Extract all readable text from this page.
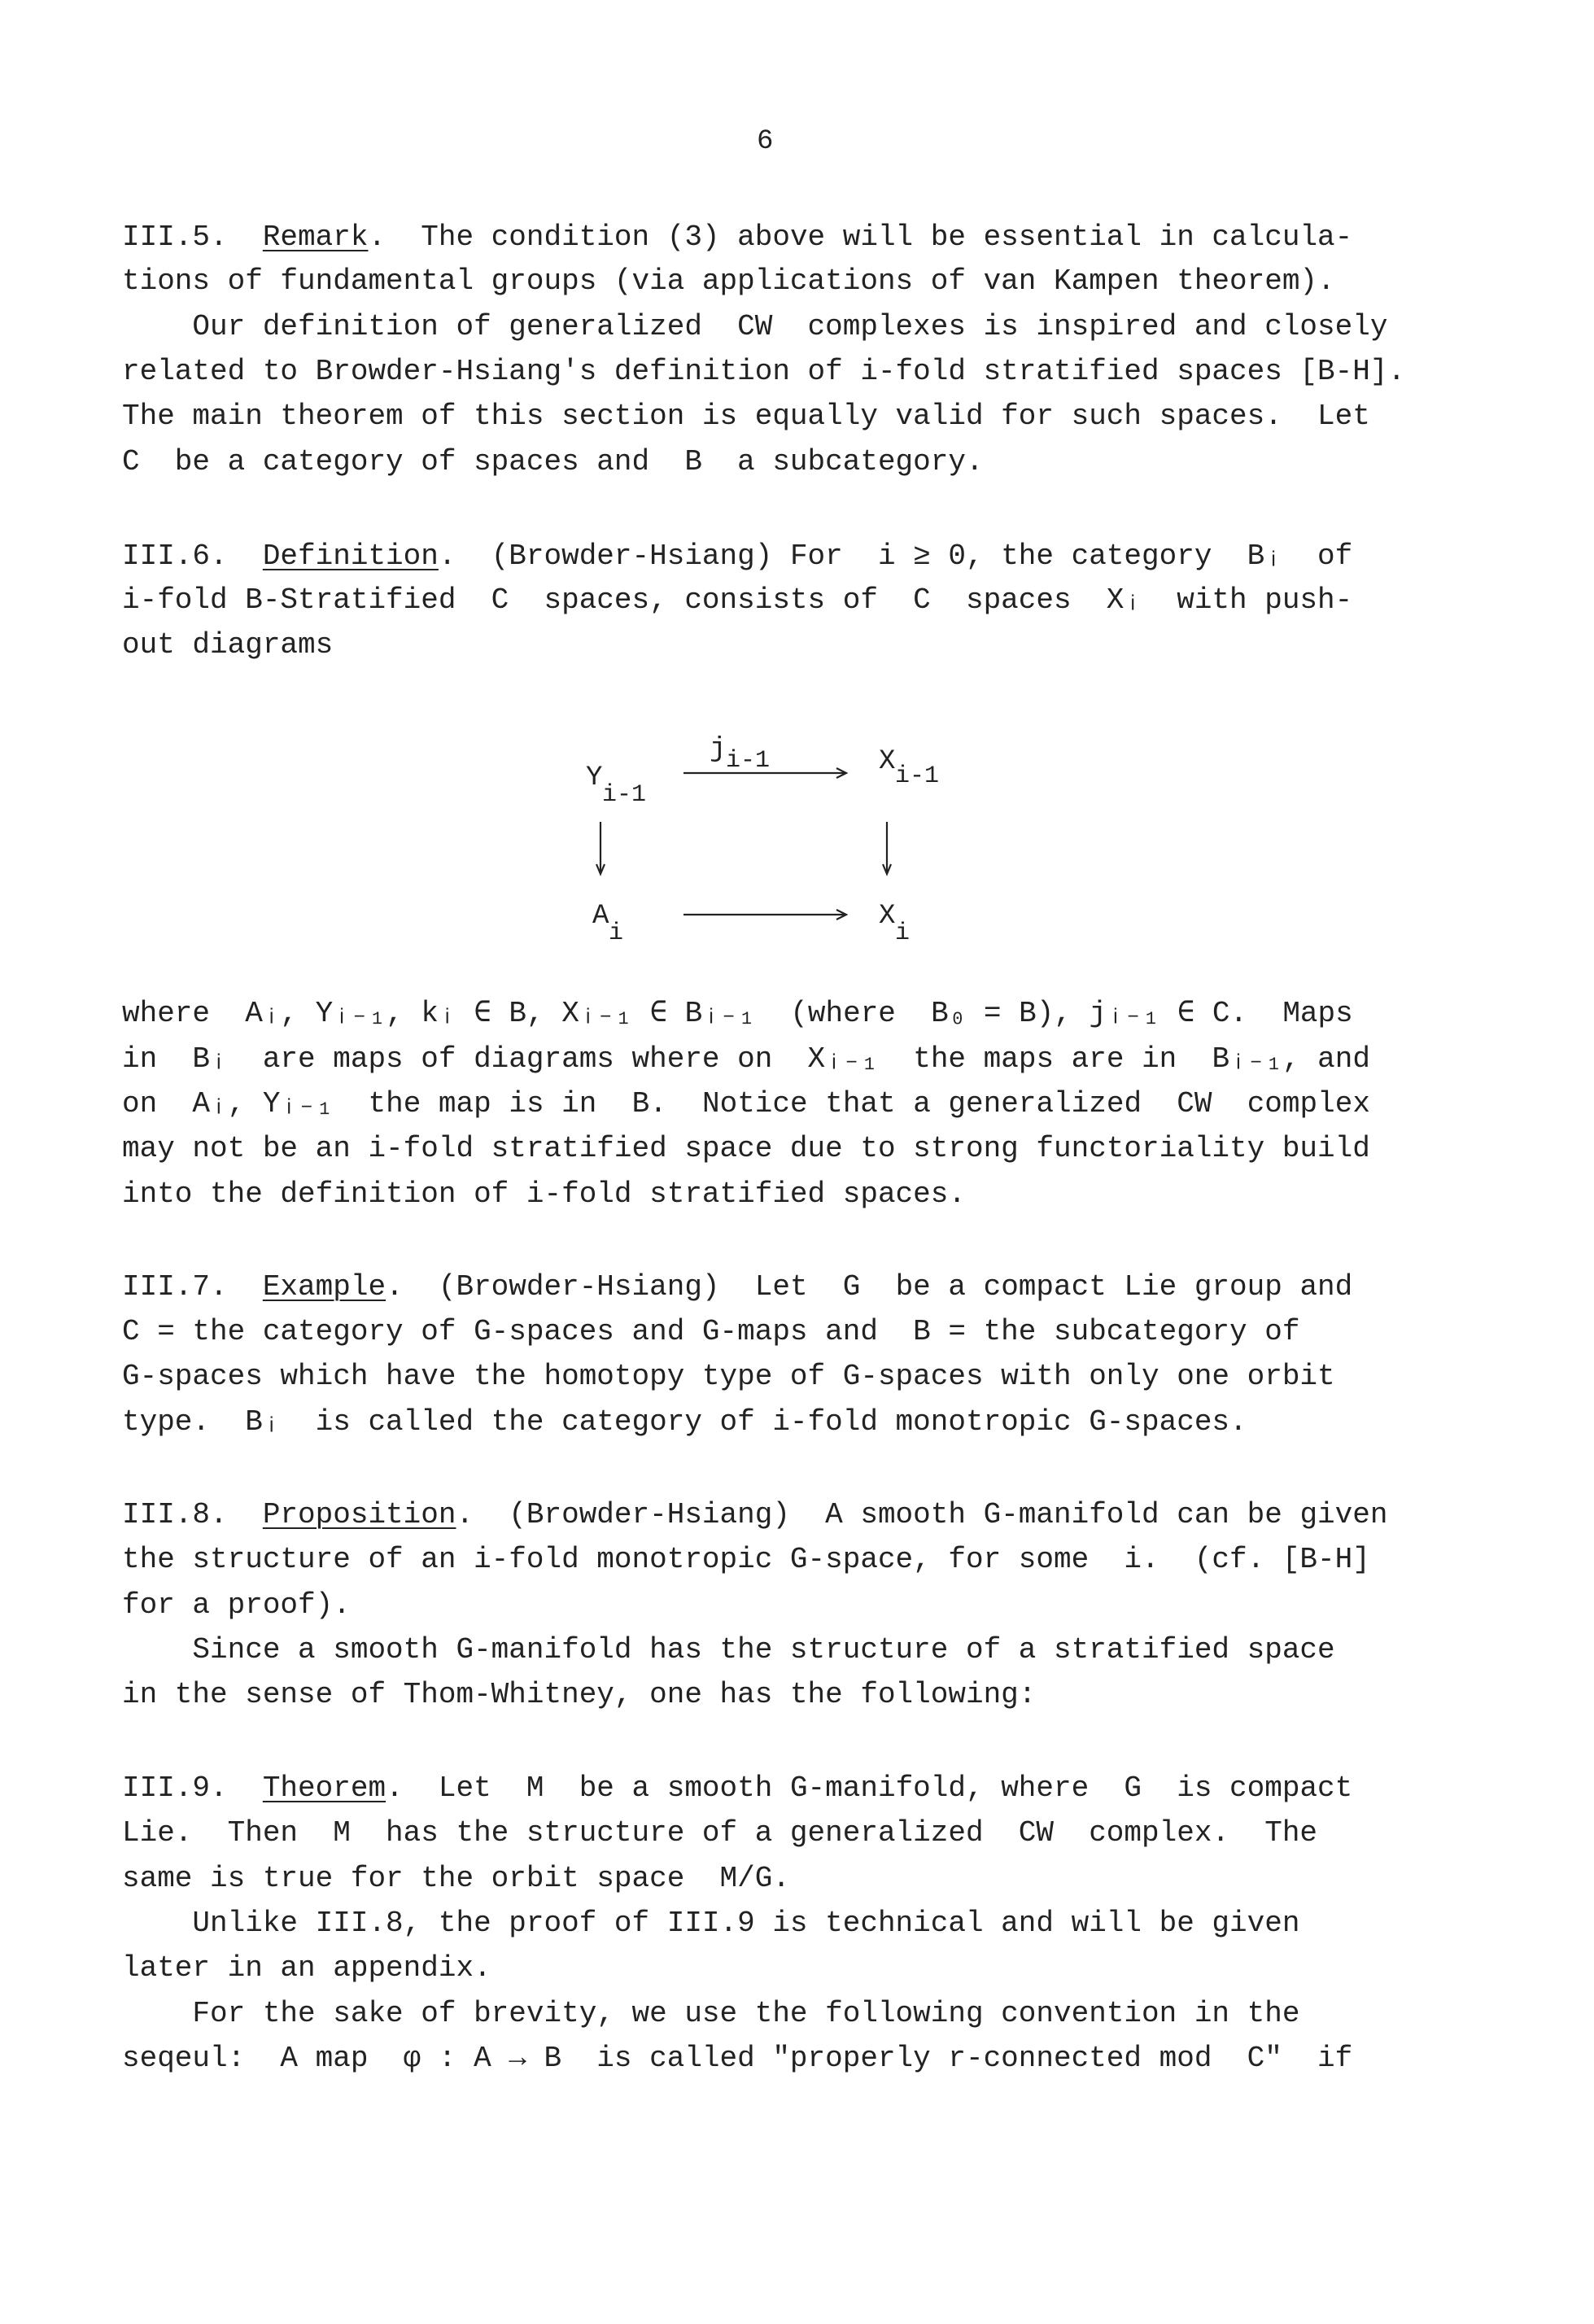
6
III.5.  Remark.  The condition (3) above will be essential in calcula-
tions of fundamental groups (via applications of van Kampen theorem).
Our definition of generalized  CW  complexes is inspired and closely
related to Browder-Hsiang's definition of i-fold stratified spaces [B-H].
The main theorem of this section is equally valid for such spaces.  Let
C  be a category of spaces and  B  a subcategory.
III.6.  Definition.  (Browder-Hsiang) For  i ≥ 0, the category  Bᵢ  of
i-fold B-Stratified  C  spaces, consists of  C  spaces  Xᵢ  with push-
out diagrams
Y
i-1
j i-1	X i-1
A
i
X
i
where  Aᵢ, Yᵢ₋₁, kᵢ ∈ B, Xᵢ₋₁ ∈ Bᵢ₋₁  (where  B₀ = B), jᵢ₋₁ ∈ C.  Maps
in  Bᵢ  are maps of diagrams where on  Xᵢ₋₁  the maps are in  Bᵢ₋₁, and
on  Aᵢ, Yᵢ₋₁  the map is in  B.  Notice that a generalized  CW  complex
may not be an i-fold stratified space due to strong functoriality build
into the definition of i-fold stratified spaces.
III.7.  Example.  (Browder-Hsiang)  Let  G  be a compact Lie group and
C = the category of G-spaces and G-maps and  B = the subcategory of
G-spaces which have the homotopy type of G-spaces with only one orbit
type.  Bᵢ  is called the category of i-fold monotropic G-spaces.
III.8.  Proposition.  (Browder-Hsiang)  A smooth G-manifold can be given
the structure of an i-fold monotropic G-space, for some  i.  (cf. [B-H]
for a proof).
Since a smooth G-manifold has the structure of a stratified space
in the sense of Thom-Whitney, one has the following:
III.9.  Theorem.  Let  M  be a smooth G-manifold, where  G  is compact
Lie.  Then  M  has the structure of a generalized  CW  complex.  The
same is true for the orbit space  M/G.
Unlike III.8, the proof of III.9 is technical and will be given
later in an appendix.
For the sake of brevity, we use the following convention in the
seqeul:  A map  φ : A → B  is called "properly r-connected mod  C"  if
